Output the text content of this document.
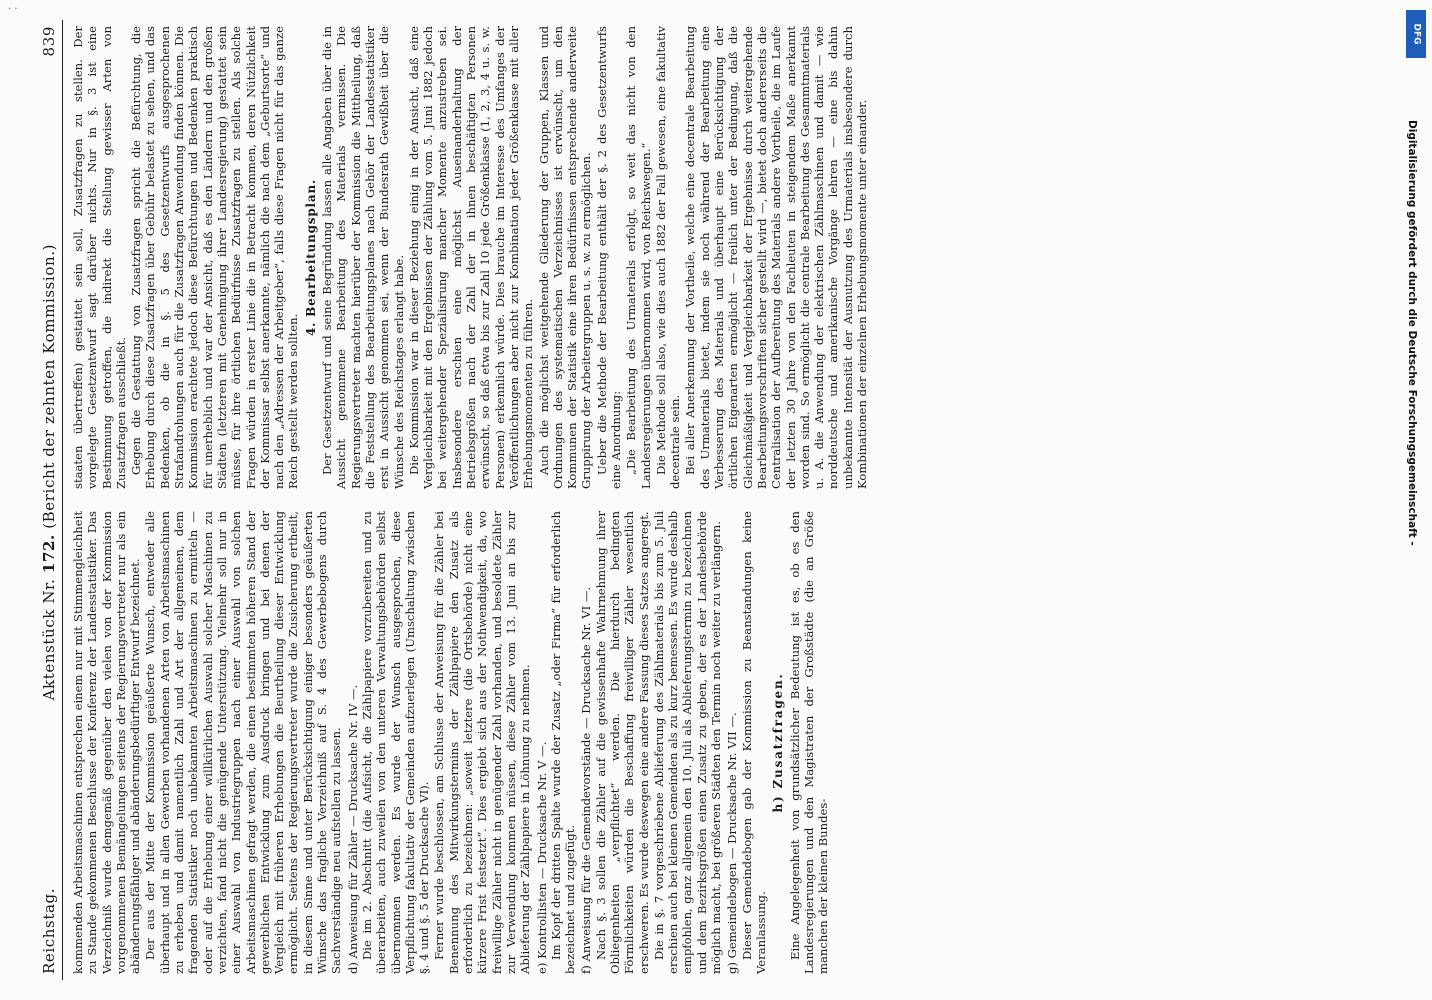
· ·
Reichstag.
Aktenstück Nr. 172. (Bericht der zehnten Kommission.)
839

kommenden Arbeitsmaschinen entsprechen einem nur mit Stimmengleichheit zu Stande gekommenen Beschlusse der Konferenz der Landesstatistiker. Das Verzeichniß wurde demgemäß gegenüber den vielen von der Kommission vorgenommenen Bemängelungen seitens der Regierungsvertreter nur als ein abänderungsfähiger und abänderungsbedürftiger Entwurf bezeichnet. Der aus der Mitte der Kommission geäußerte Wunsch, entweder alle überhaupt und in allen Gewerben vorhandenen Arten von Arbeitsmaschinen zu erheben und damit namentlich Zahl und Art der allgemeinen, dem fragenden Statistiker noch unbekannten Arbeitsmaschinen zu ermitteln — oder auf die Erhebung einer willkürlichen Auswahl solcher Maschinen zu verzichten, fand nicht die genügende Unterstützung. Vielmehr soll nur in einer Auswahl von Industriegruppen nach einer Auswahl von solchen Arbeitsmaschinen gefragt werden, die einen bestimmten höheren Stand der gewerblichen Entwicklung zum Ausdruck bringen und bei denen der Vergleich mit früheren Erhebungen die Beurtheilung dieser Entwicklung ermöglicht. Seitens der Regierungsvertreter wurde die Zusicherung ertheilt, in diesem Sinne und unter Berücksichtigung einiger besonders geäußerten Wünsche das fragliche Verzeichniß auf S. 4 des Gewerbebogens durch Sachverständige neu aufstellen zu lassen. d) Anweisung für Zähler — Drucksache Nr. IV —. Die im 2. Abschnitt (die Aufsicht, die Zählpapiere vorzubereiten und zu überarbeiten, auch zuweilen von den unteren Verwaltungsbehörden selbst übernommen werden. Es wurde der Wunsch ausgesprochen, diese Verpflichtung fakultativ der Gemeinden aufzuerlegen (Umschaltung zwischen §. 4 und §. 5 der Drucksache VI). Ferner wurde beschlossen, am Schlusse der Anweisung für die Zähler bei Benennung des Mitwirkungstermins der Zählpapiere den Zusatz als erforderlich zu bezeichnen: „soweit letztere (die Ortsbehörde) nicht eine kürzere Frist festsetzt“. Dies ergiebt sich aus der Nothwendigkeit, da, wo freiwillige Zähler nicht in genügender Zahl vorhanden, und besoldete Zähler zur Verwendung kommen müssen, diese Zähler vom 13. Juni an bis zur Ablieferung der Zählpapiere in Löhnung zu nehmen. e) Kontrollisten — Drucksache Nr. V —. Im Kopf der dritten Spalte wurde der Zusatz „oder Firma“ für erforderlich bezeichnet und zugefügt. f) Anweisung für die Gemeindevorstände — Drucksache Nr. VI —. Nach §. 3 sollen die Zähler auf die gewissenhafte Wahrnehmung ihrer Obliegenheiten „verpflichtet“ werden. Die hierdurch bedingten Förmlichkeiten würden die Beschaffung freiwilliger Zähler wesentlich erschweren. Es wurde deswegen eine andere Fassung dieses Satzes angeregt. Die in §. 7 vorgeschriebene Ablieferung des Zählmaterials bis zum 5. Juli erschien auch bei kleinen Gemeinden als zu kurz bemessen. Es wurde deshalb empfohlen, ganz allgemein den 10. Juli als Ablieferungstermin zu bezeichnen und dem Bezirksgrößen einen Zusatz zu geben, der es der Landesbehörde möglich macht, bei größeren Städten den Termin noch weiter zu verlängern. g) Gemeindebogen — Drucksache Nr. VII —. Dieser Gemeindebogen gab der Kommission zu Beanstandungen keine Veranlassung.

h) Zusatzfragen. Eine Angelegenheit von grundsätzlicher Bedeutung ist es, ob es den Landesregierungen und den Magistraten der Großstädte (die an Größe manchen der kleinen Bundes-

staaten übertreffen) gestattet sein soll, Zusatzfragen zu stellen. Der vorgelegte Gesetzentwurf sagt darüber nichts. Nur in §. 3 ist eine Bestimmung getroffen, die indirekt die Stellung gewisser Arten von Zusatzfragen ausschließt. Gegen die Gestattung von Zusatzfragen spricht die Befürchtung, die Erhebung durch diese Zusatzfragen über Gebühr belastet zu sehen, und das Bedenken, ob die in §. 5 des Gesetzentwurfs ausgesprochenen Strafandrohungen auch für die Zusatzfragen Anwendung finden können. Die Kommission erachtete jedoch diese Befürchtungen und Bedenken praktisch für unerheblich und war der Ansicht, daß es den Ländern und den großen Städten (letzteren mit Genehmigung ihrer Landesregierung) gestattet sein müsse, für ihre örtlichen Bedürfnisse Zusatzfragen zu stellen. Als solche Fragen würden in erster Linie die in Betracht kommen, deren Nützlichkeit der Kommissar selbst anerkannte, nämlich die nach dem „Geburtsorte“ und nach den „Adressen der Arbeitgeber“, falls diese Fragen nicht für das ganze Reich gestellt werden sollten.

4. Bearbeitungsplan. Der Gesetzentwurf und seine Begründung lassen alle Angaben über die in Aussicht genommene Bearbeitung des Materials vermissen. Die Regierungsvertreter machten hierüber der Kommission die Mittheilung, daß die Feststellung des Bearbeitungsplanes nach Gehör der Landesstatistiker erst in Aussicht genommen sei, wenn der Bundesrath Gewißheit über die Wünsche des Reichstages erlangt habe. Die Kommission war in dieser Beziehung einig in der Ansicht, daß eine Vergleichbarkeit mit den Ergebnissen der Zählung vom 5. Juni 1882 jedoch bei weitergehender Spezialisirung mancher Momente anzustreben sei. Insbesondere erschien eine möglichst Auseinanderhaltung der Betriebsgrößen nach der Zahl der in ihnen beschäftigten Personen erwünscht, so daß etwa bis zur Zahl 10 jede Größenklasse (1, 2, 3, 4 u. s. w. Personen) erkennlich würde. Dies brauche im Interesse des Umfanges der Veröffentlichungen aber nicht zur Kombination jeder Größenklasse mit aller Erhebungsmomenten zu führen. Auch die möglichst weitgehende Gliederung der Gruppen, Klassen und Ordnungen des systematischen Verzeichnisses ist erwünscht, um den Kommunen der Statistik eine ihren Bedürfnissen entsprechende anderweite Gruppirung der Arbeitergruppen u. s. w. zu ermöglichen. Ueber die Methode der Bearbeitung enthält der §. 2 des Gesetzentwurfs eine Anordnung: „Die Bearbeitung des Urmaterials erfolgt, so weit das nicht von den Landesregierungen übernommen wird, von Reichswegen.“ Die Methode soll also, wie dies auch 1882 der Fall gewesen, eine fakultativ decentrale sein. Bei aller Anerkennung der Vortheile, welche eine decentrale Bearbeitung des Urmaterials bietet, indem sie noch während der Bearbeitung eine Verbesserung des Materials und überhaupt eine Berücksichtigung der örtlichen Eigenarten ermöglicht — freilich unter der Bedingung, daß die Gleichmäßigkeit und Vergleichbarkeit der Ergebnisse durch weitergehende Bearbeitungsvorschriften sicher gestellt wird —, bietet doch andererseits die Centralisation der Aufbereitung des Materials andere Vortheile, die im Laufe der letzten 30 Jahre von den Fachleuten in steigendem Maße anerkannt worden sind. So ermöglicht die centrale Bearbeitung des Gesammtmaterials u. A. die Anwendung der elektrischen Zählmaschinen und damit — wie norddeutsche und amerikanische Vorgänge lehren — eine bis dahin unbekannte Intensität der Ausnutzung des Urmaterials insbesondere durch Kombinationen der einzelnen Erhebungsmomente unter einander.

DFG
Digitalisierung gefördert durch die Deutsche Forschungsgemeinschaft -
